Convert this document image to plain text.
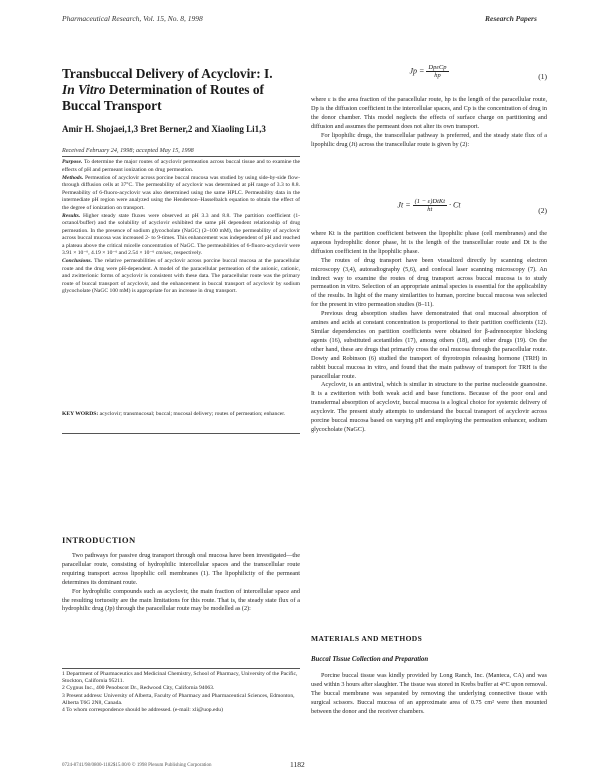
Pharmaceutical Research, Vol. 15, No. 8, 1998	Research Papers
Transbuccal Delivery of Acyclovir: I.
In Vitro Determination of Routes of
Buccal Transport
Amir H. Shojaei,1,3 Bret Berner,2 and Xiaoling Li1,3
Received February 24, 1998; accepted May 15, 1998

Purpose. To determine the major routes of acyclovir permeation across buccal tissue and to examine the effects of pH and permeant ionization on drug permeation.

Methods. Permeation of acyclovir across porcine buccal mucosa was studied by using side-by-side flow-through diffusion cells at 37°C. The permeability of acyclovir was determined at pH range of 3.3 to 8.8. Permeability of 6-fluoro-acyclovir was also determined using the same HPLC. Permeability data in the intermediate pH region were analyzed using the Henderson–Hasselbalch equation to obtain the effect of the degree of ionization on transport.

Results. Higher steady state fluxes were observed at pH 3.3 and 8.8. The partition coefficient (1-octanol/buffer) and the solubility of acyclovir exhibited the same pH dependent relationship of drug permeation. In the presence of sodium glycocholate (NaGC) (2–100 mM), the permeability of acyclovir across buccal mucosa was increased 2- to 9-times. This enhancement was independent of pH and reached a plateau above the critical micelle concentration of NaGC. The permeabilities of 6-fluoro-acyclovir were 3.91 × 10⁻⁶, 4.19 × 10⁻⁶ and 2.54 × 10⁻⁶ cm/sec, respectively.

Conclusions. The relative permeabilities of acyclovir across porcine buccal mucosa at the paracellular route and the drug were pH-dependent. A model of the paracellular permeation of the anionic, cationic, and zwitterionic forms of acyclovir is consistent with these data. The paracellular route was the primary route of buccal transport of acyclovir, and the enhancement in buccal transport of acyclovir by sodium glycocholate (NaGC 100 mM) is appropriate for an increase in drug transport.

KEY WORDS: acyclovir; transmucosal; buccal; mucosal delivery; routes of permeation; enhancer.
INTRODUCTION

Two pathways for passive drug transport through oral mucosa have been investigated—the paracellular route, consisting of hydrophilic intercellular spaces and the transcellular route requiring transport across lipophilic cell membranes (1). The lipophilicity of the permeant determines its dominant route.

For hydrophilic compounds such as acyclovir, the main fraction of intercellular space and the resulting tortuosity are the main limitations for this route. That is, the steady state flux of a hydrophilic drug (Jp) through the paracellular route may be modelled as (2):

1 Department of Pharmaceutics and Medicinal Chemistry, School of Pharmacy, University of the Pacific, Stockton, California 95211.

2 Cygnus Inc., 400 Penobscot Dr., Redwood City, California 94063.

3 Present address: University of Alberta, Faculty of Pharmacy and Pharmaceutical Sciences, Edmonton, Alberta T6G 2N8, Canada.

4 To whom correspondence should be addressed. (e-mail: xli@uop.edu)

$Jp = \frac{\text{DpεCp}}{hp}$	(1)

where ε is the area fraction of the paracellular route, hp is the length of the paracellular route, Dp is the diffusion coefficient in the intercellular spaces, and Cp is the concentration of drug in the donor chamber. This model neglects the effects of surface charge on partitioning and diffusion and assumes the permeant does not alter its own transport.

For lipophilic drugs, the transcellular pathway is preferred, and the steady state flux of a lipophilic drug (Jt) across the transcellular route is given by (2):

$Jt = \frac{\text{(1 − ε)DtKt}}{ht} \cdot Ct$
(2)

where Kt is the partition coefficient between the lipophilic phase (cell membranes) and the aqueous hydrophilic donor phase, ht is the length of the transcellular route and Dt is the diffusion coefficient in the lipophilic phase.

The routes of drug transport have been visualized directly by scanning electron microscopy (3,4), autoradiography (5,6), and confocal laser scanning microscopy (7). An indirect way to examine the routes of drug transport across buccal mucosa is to study permeation in vitro. Selection of an appropriate animal species is essential for the applicability of the results. In light of the many similarities to human, porcine buccal mucosa was selected for the present in vitro permeation studies (8–11).

Previous drug absorption studies have demonstrated that oral mucosal absorption of amines and acids at constant concentration is proportional to their partition coefficients (12). Similar dependencies on partition coefficients were obtained for β-adrenoceptor blocking agents (16), substituted acetanilides (17), among others (18), and other drugs (19). On the other hand, these are drugs that primarily cross the oral mucosa through the paracellular route. Dowty and Robinson (6) studied the transport of thyrotropin releasing hormone (TRH) in rabbit buccal mucosa in vitro, and found that the main pathway of transport for TRH is the paracellular route.

Acyclovir, is an antiviral, which is similar in structure to the purine nucleoside guanosine. It is a zwitterion with both weak acid and base functions. Because of the poor oral and transdermal absorption of acyclovir, buccal mucosa is a logical choice for systemic delivery of acyclovir. The present study attempts to understand the buccal transport of acyclovir across porcine buccal mucosa based on varying pH and employing the permeation enhancer, sodium glycocholate (NaGC).

MATERIALS AND METHODS
Buccal Tissue Collection and Preparation

Porcine buccal tissue was kindly provided by Long Ranch, Inc. (Manteca, CA) and was used within 3 hours after slaughter. The tissue was stored in Krebs buffer at 4°C upon removal. The buccal membrane was separated by removing the underlying connective tissue with surgical scissors. Buccal mucosa of an approximate area of 0.75 cm² were then mounted between the donor and the receiver chambers.

0724-8741/98/0800-1182$15.00/0 © 1998 Plenum Publishing Corporation	1182
